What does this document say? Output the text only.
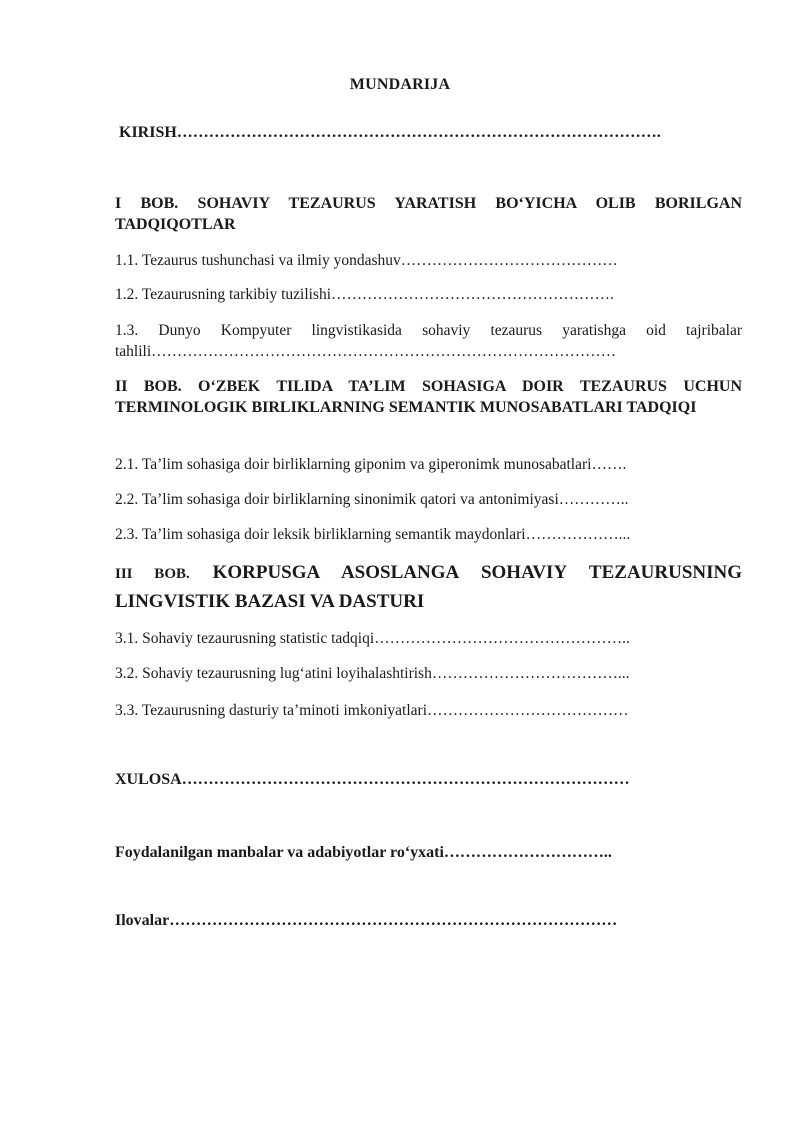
MUNDARIJA
KIRISH……………………………………………………………………………….
I BOB. SOHAVIY TEZAURUS YARATISH BO‘YICHA OLIB BORILGAN TADQIQOTLAR
1.1. Tezaurus tushunchasi va ilmiy yondashuv……………………………………
1.2. Tezaurusning tarkibiy tuzilishi……………………………………………….
1.3. Dunyo Kompyuter lingvistikasida sohaviy tezaurus yaratishga oid tajribalar tahlili………………………………………………………………………………
II BOB. O‘ZBEK TILIDA TA’LIM SOHASIGA DOIR TEZAURUS UCHUN TERMINOLOGIK BIRLIKLARNING SEMANTIK MUNOSABATLARI TADQIQI
2.1. Ta’lim sohasiga doir birliklarning giponim va giperonimk munosabatlari…….
2.2. Ta’lim sohasiga doir birliklarning sinonimik qatori va antonimiyasi…………..
2.3. Ta’lim sohasiga doir leksik birliklarning semantik maydonlari………………...
III BOB. KORPUSGA ASOSLANGA SOHAVIY TEZAURUSNING LINGVISTIK BAZASI VA DASTURI
3.1. Sohaviy tezaurusning statistic tadqiqi…………………………………………..
3.2. Sohaviy tezaurusning lug‘atini loyihalashtirish………………………………...
3.3. Tezaurusning dasturiy ta’minoti imkoniyatlari…………………………………
XULOSA…………………………………………………………………………
Foydalanilgan manbalar va adabiyotlar ro‘yxati…………………………..
Ilovalar…………………………………………………………………………
